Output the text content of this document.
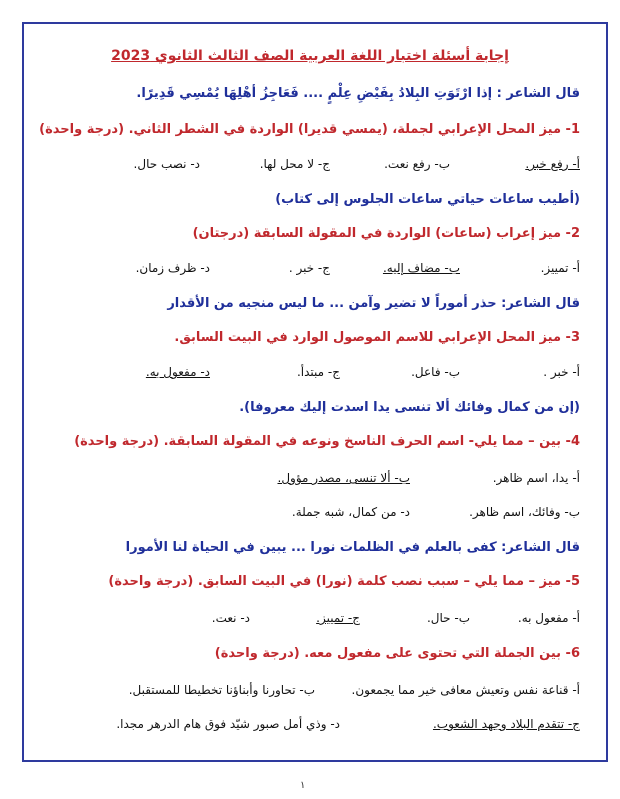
إجابة أسئلة اختبار اللغة العربية الصف الثالث الثانوي 2023
قال الشاعر : إذا ارْتَوَتِ البِلادُ بِفَيْضِ عِلْمٍ .... فَعَاجِزُ أهْلِهَا يُمْسِي قَدِيرًا.
1- ميز المحل الإعرابي لجملة، (يمسي قديرا) الواردة في الشطر الثاني. (درجة واحدة)
أ- رفع خبر.
ب- رفع نعت.
ج- لا محل لها.
د- نصب حال.
(أطيب ساعات حياتي ساعات الجلوس إلى كتاب)
2- ميز إعراب (ساعات) الواردة في المقولة السابقة (درجتان)
أ- تمييز.
ب- مضاف إليه.
ج- خبر .
د- ظرف زمان.
قال الشاعر: حذر أموراً لا تضير وآمن ... ما ليس منجيه من الأقدار
3- ميز المحل الإعرابي للاسم الموصول الوارد في البيت السابق.
أ- خبر .
ب- فاعل.
ج- مبتدأ.
د- مفعول به.
(إن من كمال وفائك ألا تنسى يدا اسدت إليك معروفا).
4- بين – مما يلي- اسم الحرف الناسخ ونوعه في المقولة السابقة. (درجة واحدة)
أ- يدا، اسم ظاهر.
ب- ألا تنسى، مصدر مؤول.
ب- وفائك، اسم ظاهر.
د- من كمال، شبه جملة.
قال الشاعر: كفى بالعلم في الظلمات نورا ... يبين في الحياة لنا الأمورا
5- ميز – مما يلي – سبب نصب كلمة (نورا) في البيت السابق. (درجة واحدة)
أ- مفعول به.
ب- حال.
ج- تمييز.
د- نعت.
6- بين الجملة التي تحتوى على مفعول معه. (درجة واحدة)
أ- قناعة نفس وتعيش معافى خير مما يجمعون.
ب- تحاورنا وأبناؤنا تخطيطا للمستقبل.
ج- تتقدم البلاد وجهد الشعوب.
د- وذي أمل صبور شيّد فوق هام الدرهر مجدا.
١
